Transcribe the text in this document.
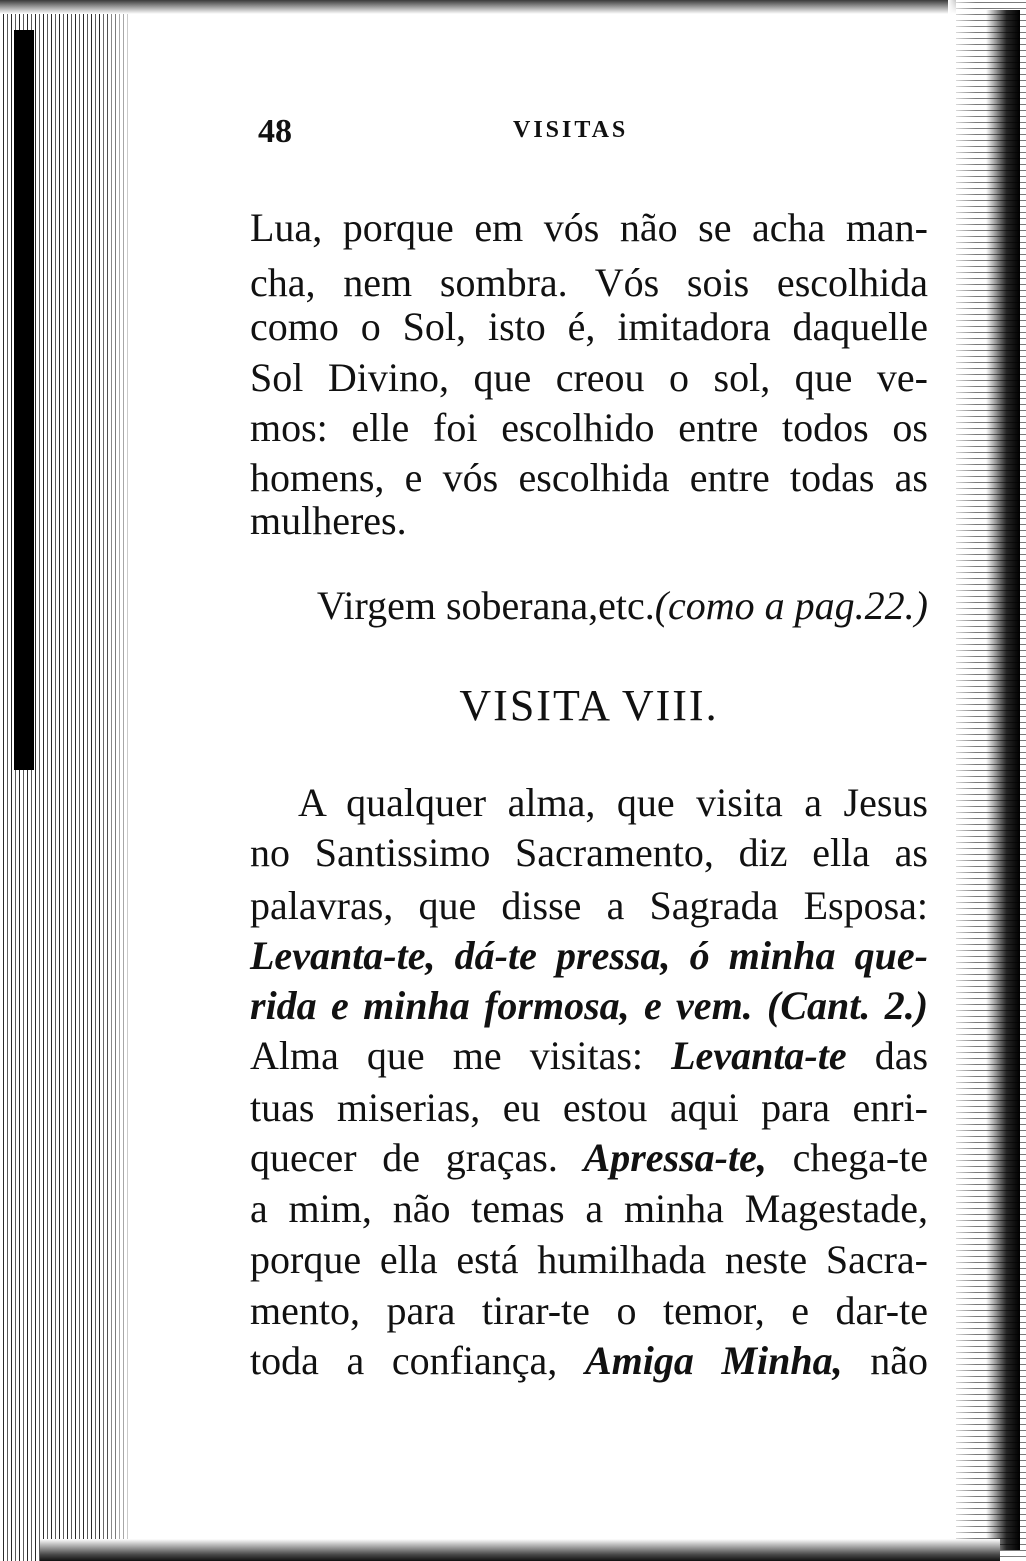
48	VISITAS
Lua, porque em vós não se acha man-
cha, nem sombra. Vós sois escolhida
como o Sol, isto é, imitadora daquelle
Sol Divino, que creou o sol, que ve-
mos: elle foi escolhido entre todos os
homens, e vós escolhida entre todas as
mulheres.
Virgem soberana,etc.(como a pag.22.)
VISITA VIII.
A qualquer alma, que visita a Jesus
no Santissimo Sacramento, diz ella as
palavras, que disse a Sagrada Esposa:
Levanta-te, dá-te pressa, ó minha que-
rida e minha formosa, e vem. (Cant. 2.)
Alma que me visitas: Levanta-te das
tuas miserias, eu estou aqui para enri-
quecer de graças. Apressa-te, chega-te
a mim, não temas a minha Magestade,
porque ella está humilhada neste Sacra-
mento, para tirar-te o temor, e dar-te
toda a confiança, Amiga Minha, não
